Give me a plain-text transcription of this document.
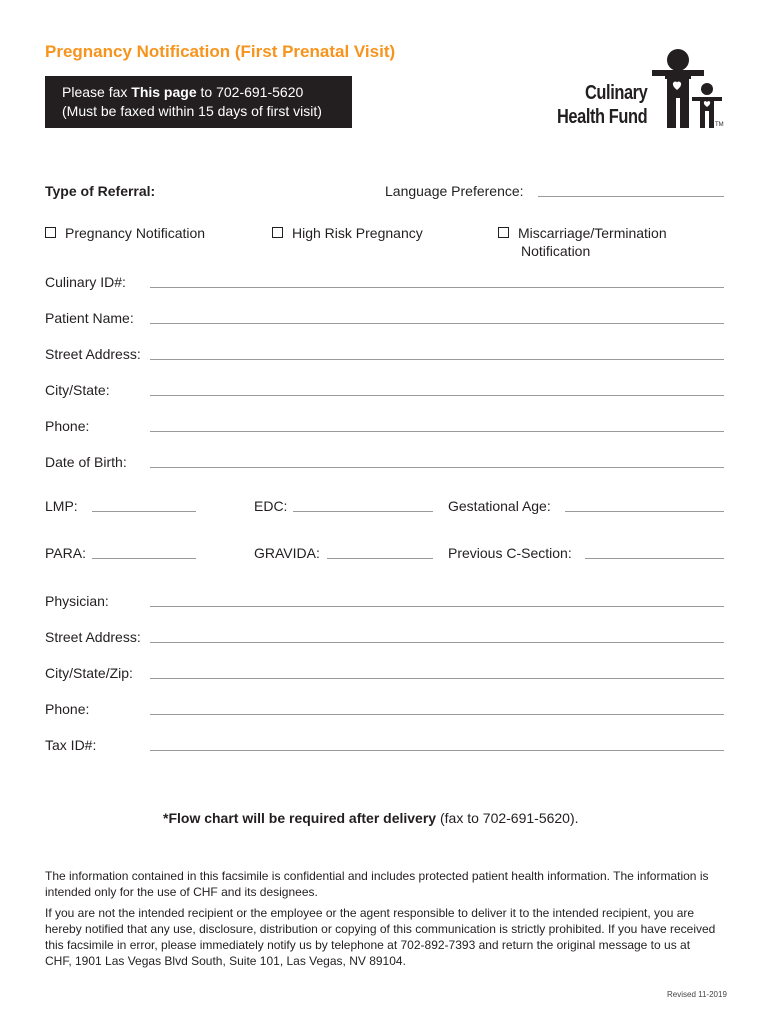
Pregnancy Notification (First Prenatal Visit)
Please fax This page to 702-691-5620
(Must be faxed within 15 days of first visit)
Culinary
Health Fund	TM
Type of Referral:	Language Preference:
Pregnancy Notification	High Risk Pregnancy	Miscarriage/Termination
Notification
Culinary ID#:
Patient Name:
Street Address:
City/State:
Phone:
Date of Birth:
LMP:	EDC:	Gestational Age:
PARA:	GRAVIDA:	Previous C-Section:
Physician:
Street Address:
City/State/Zip:
Phone:
Tax ID#:
*Flow chart will be required after delivery (fax to 702-691-5620).

The information contained in this facsimile is confidential and includes protected patient health information. The information is intended only for the use of CHF and its designees.

If you are not the intended recipient or the employee or the agent responsible to deliver it to the intended recipient, you are hereby notified that any use, disclosure, distribution or copying of this communication is strictly prohibited. If you have received this facsimile in error, please immediately notify us by telephone at 702-892-7393 and return the original message to us at CHF, 1901 Las Vegas Blvd South, Suite 101, Las Vegas, NV 89104.

Revised 11-2019
